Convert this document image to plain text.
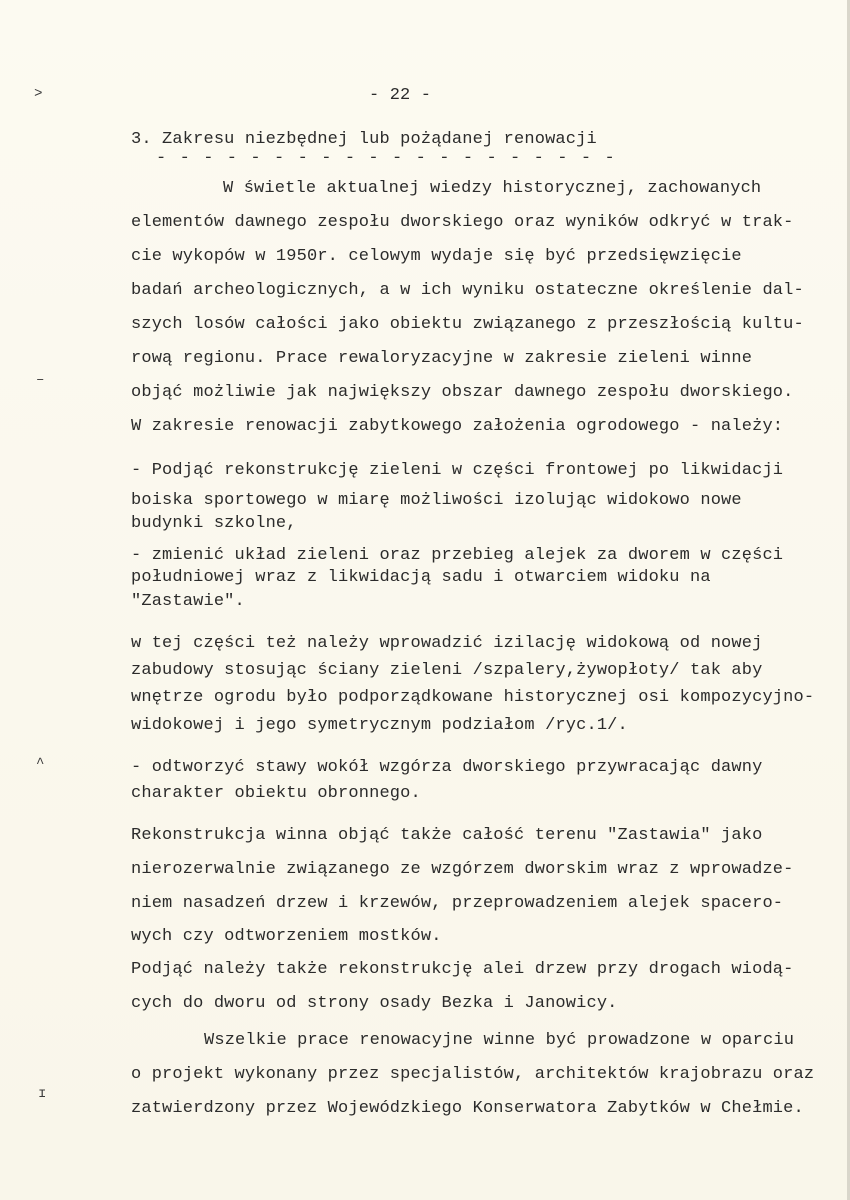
˃
–
^
ɪ
- 22 -
3. Zakresu niezbędnej lub pożądanej renowacji
- - - - - - - - - - - - - - - - - - - -
W świetle aktualnej wiedzy historycznej, zachowanych
elementów dawnego zespołu dworskiego oraz wyników odkryć w trak-
cie wykopów w 1950r. celowym wydaje się być przedsięwzięcie
badań archeologicznych, a w ich wyniku ostateczne określenie dal-
szych losów całości jako obiektu związanego z przeszłością kultu-
rową regionu. Prace rewaloryzacyjne w zakresie zieleni winne
objąć możliwie jak największy obszar dawnego zespołu dworskiego.
W zakresie renowacji zabytkowego założenia ogrodowego - należy:
- Podjąć rekonstrukcję zieleni w części frontowej po likwidacji
boiska sportowego w miarę możliwości izolując widokowo nowe
budynki szkolne,
- zmienić układ zieleni oraz przebieg alejek za dworem w części
południowej wraz z likwidacją sadu i otwarciem widoku na
"Zastawie".
w tej części też należy wprowadzić izilację widokową od nowej
zabudowy stosując ściany zieleni /szpalery,żywopłoty/ tak aby
wnętrze ogrodu było podporządkowane historycznej osi kompozycyjno-
widokowej i jego symetrycznym podziałom /ryc.1/.
- odtworzyć stawy wokół wzgórza dworskiego przywracając dawny
charakter obiektu obronnego.
Rekonstrukcja winna objąć także całość terenu "Zastawia" jako
nierozerwalnie związanego ze wzgórzem dworskim wraz z wprowadze-
niem nasadzeń drzew i krzewów, przeprowadzeniem alejek spacero-
wych czy odtworzeniem mostków.
Podjąć należy także rekonstrukcję alei drzew przy drogach wiodą-
cych do dworu od strony osady Bezka i Janowicy.
Wszelkie prace renowacyjne winne być prowadzone w oparciu
o projekt wykonany przez specjalistów, architektów krajobrazu oraz
zatwierdzony przez Wojewódzkiego Konserwatora Zabytków w Chełmie.
